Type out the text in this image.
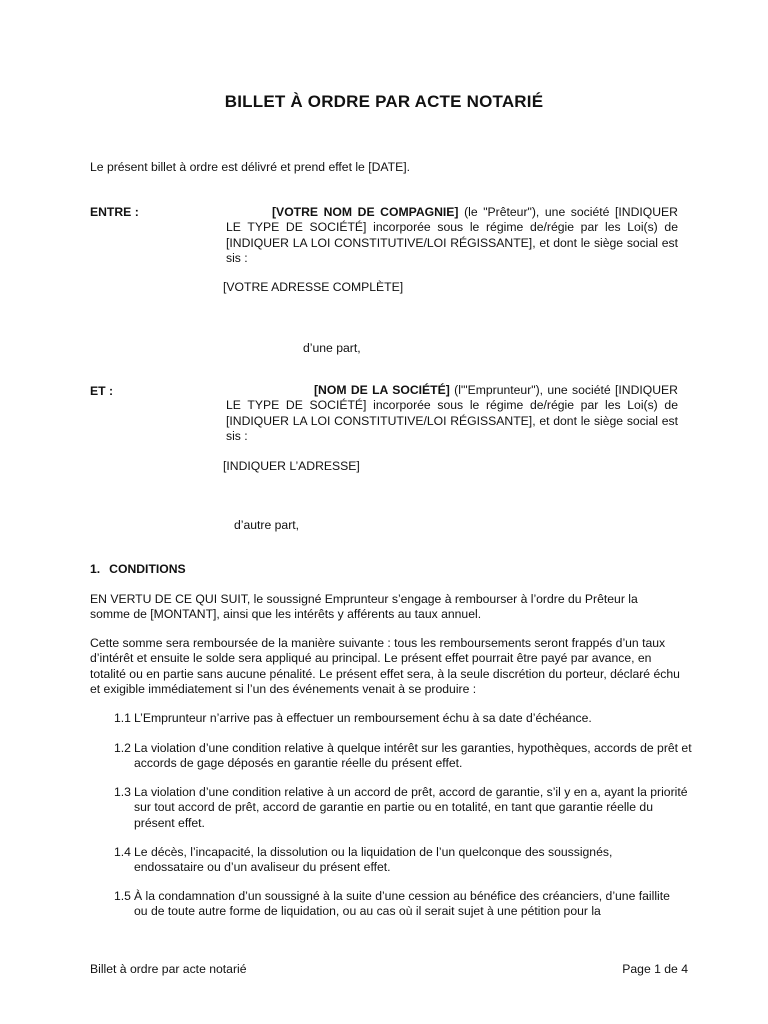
BILLET À ORDRE PAR ACTE NOTARIÉ

Le présent billet à ordre est délivré et prend effet le [DATE].

ENTRE :	[VOTRE NOM DE COMPAGNIE] (le "Prêteur"), une société [INDIQUER LE TYPE DE SOCIÉTÉ] incorporée sous le régime de/régie par les Loi(s) de [INDIQUER LA LOI CONSTITUTIVE/LOI RÉGISSANTE], et dont le siège social est sis :

[VOTRE ADRESSE COMPLÈTE]

d’une part,

ET :	[NOM DE LA SOCIÉTÉ] (l'"Emprunteur"), une société [INDIQUER LE TYPE DE SOCIÉTÉ] incorporée sous le régime de/régie par les Loi(s) de [INDIQUER LA LOI CONSTITUTIVE/LOI RÉGISSANTE], et dont le siège social est sis :

[INDIQUER L’ADRESSE]

d’autre part,

1. CONDITIONS

EN VERTU DE CE QUI SUIT, le soussigné Emprunteur s’engage à rembourser à l’ordre du Prêteur la somme de [MONTANT], ainsi que les intérêts y afférents au taux annuel.

Cette somme sera remboursée de la manière suivante : tous les remboursements seront frappés d’un taux d’intérêt et ensuite le solde sera appliqué au principal. Le présent effet pourrait être payé par avance, en totalité ou en partie sans aucune pénalité. Le présent effet sera, à la seule discrétion du porteur, déclaré échu et exigible immédiatement si l’un des événements venait à se produire :

1.1 L’Emprunteur n’arrive pas à effectuer un remboursement échu à sa date d’échéance.

1.2 La violation d’une condition relative à quelque intérêt sur les garanties, hypothèques, accords de prêt et accords de gage déposés en garantie réelle du présent effet.

1.3 La violation d’une condition relative à un accord de prêt, accord de garantie, s’il y en a, ayant la priorité sur tout accord de prêt, accord de garantie en partie ou en totalité, en tant que garantie réelle du présent effet.

1.4 Le décès, l’incapacité, la dissolution ou la liquidation de l’un quelconque des soussignés, endossataire ou d’un avaliseur du présent effet.

1.5 À la condamnation d’un soussigné à la suite d’une cession au bénéfice des créanciers, d’une faillite ou de toute autre forme de liquidation, ou au cas où il serait sujet à une pétition pour la

Billet à ordre par acte notarié	Page 1 de 4
